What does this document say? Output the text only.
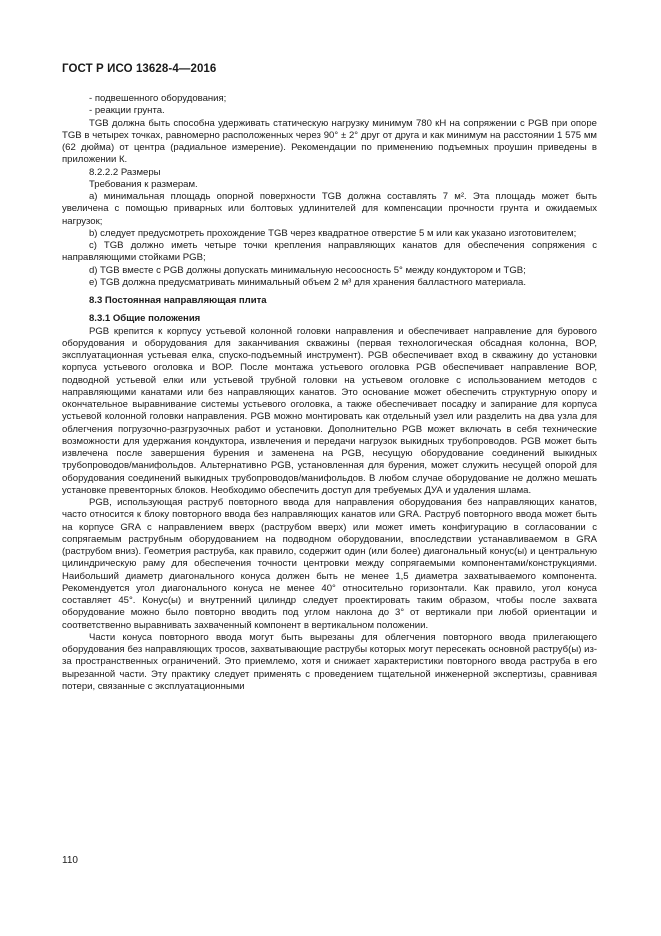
ГОСТ Р ИСО 13628-4—2016

- подвешенного оборудования;

- реакции грунта.

TGB должна быть способна удерживать статическую нагрузку минимум 780 кН на сопряжении с PGB при опоре TGB в четырех точках, равномерно расположенных через 90° ± 2° друг от друга и как минимум на расстоянии 1 575 мм (62 дюйма) от центра (радиальное измерение). Рекомендации по применению подъемных проушин приведены в приложении К.

8.2.2.2 Размеры

Требования к размерам.

а) минимальная площадь опорной поверхности TGB должна составлять 7 м². Эта площадь может быть увеличена с помощью приварных или болтовых удлинителей для компенсации прочности грунта и ожидаемых нагрузок;

b) следует предусмотреть прохождение TGB через квадратное отверстие 5 м или как указано изготовителем;

c) TGB должно иметь четыре точки крепления направляющих канатов для обеспечения сопряжения с направляющими стойками PGB;

d) TGB вместе с PGB должны допускать минимальную несоосность 5° между кондуктором и TGB;

е) TGB должна предусматривать минимальный объем 2 м³ для хранения балластного материала.

8.3 Постоянная направляющая плита
8.3.1 Общие положения

PGB крепится к корпусу устьевой колонной головки направления и обеспечивает направление для бурового оборудования и оборудования для заканчивания скважины (первая технологическая обсадная колонна, BOP, эксплуатационная устьевая елка, спуско-подъемный инструмент). PGB обеспечивает вход в скважину до установки корпуса устьевого оголовка и BOP. После монтажа устьевого оголовка PGB обеспечивает направление BOP, подводной устьевой елки или устьевой трубной головки на устьевом оголовке с использованием методов с направляющими канатами или без направляющих канатов. Это основание может обеспечить структурную опору и окончательное выравнивание системы устьевого оголовка, а также обеспечивает посадку и запирание для корпуса устьевой колонной головки направления. PGB можно монтировать как отдельный узел или разделить на два узла для облегчения погрузочно-разгрузочных работ и установки. Дополнительно PGB может включать в себя технические возможности для удержания кондуктора, извлечения и передачи нагрузок выкидных трубопроводов. PGB может быть извлечена после завершения бурения и заменена на PGB, несущую оборудование соединений выкидных трубопроводов/манифольдов. Альтернативно PGB, установленная для бурения, может служить несущей опорой для оборудования соединений выкидных трубопроводов/манифольдов. В любом случае оборудование не должно мешать установке превенторных блоков. Необходимо обеспечить доступ для требуемых ДУА и удаления шлама.

PGB, использующая раструб повторного ввода для направления оборудования без направляющих канатов, часто относится к блоку повторного ввода без направляющих канатов или GRA. Раструб повторного ввода может быть на корпусе GRA с направлением вверх (раструбом вверх) или может иметь конфигурацию в согласовании с сопрягаемым раструбным оборудованием на подводном оборудовании, впоследствии устанавливаемом в GRA (раструбом вниз). Геометрия раструба, как правило, содержит один (или более) диагональный конус(ы) и центральную цилиндрическую раму для обеспечения точности центровки между сопрягаемыми компонентами/конструкциями. Наибольший диаметр диагонального конуса должен быть не менее 1,5 диаметра захватываемого компонента. Рекомендуется угол диагонального конуса не менее 40° относительно горизонтали. Как правило, угол конуса составляет 45°. Конус(ы) и внутренний цилиндр следует проектировать таким образом, чтобы после захвата оборудование можно было повторно вводить под углом наклона до 3° от вертикали при любой ориентации и соответственно выравнивать захваченный компонент в вертикальном положении.

Части конуса повторного ввода могут быть вырезаны для облегчения повторного ввода прилегающего оборудования без направляющих тросов, захватывающие раструбы которых могут пересекать основной раструб(ы) из-за пространственных ограничений. Это приемлемо, хотя и снижает характеристики повторного ввода раструба в его вырезанной части. Эту практику следует применять с проведением тщательной инженерной экспертизы, сравнивая потери, связанные с эксплуатационными

110
